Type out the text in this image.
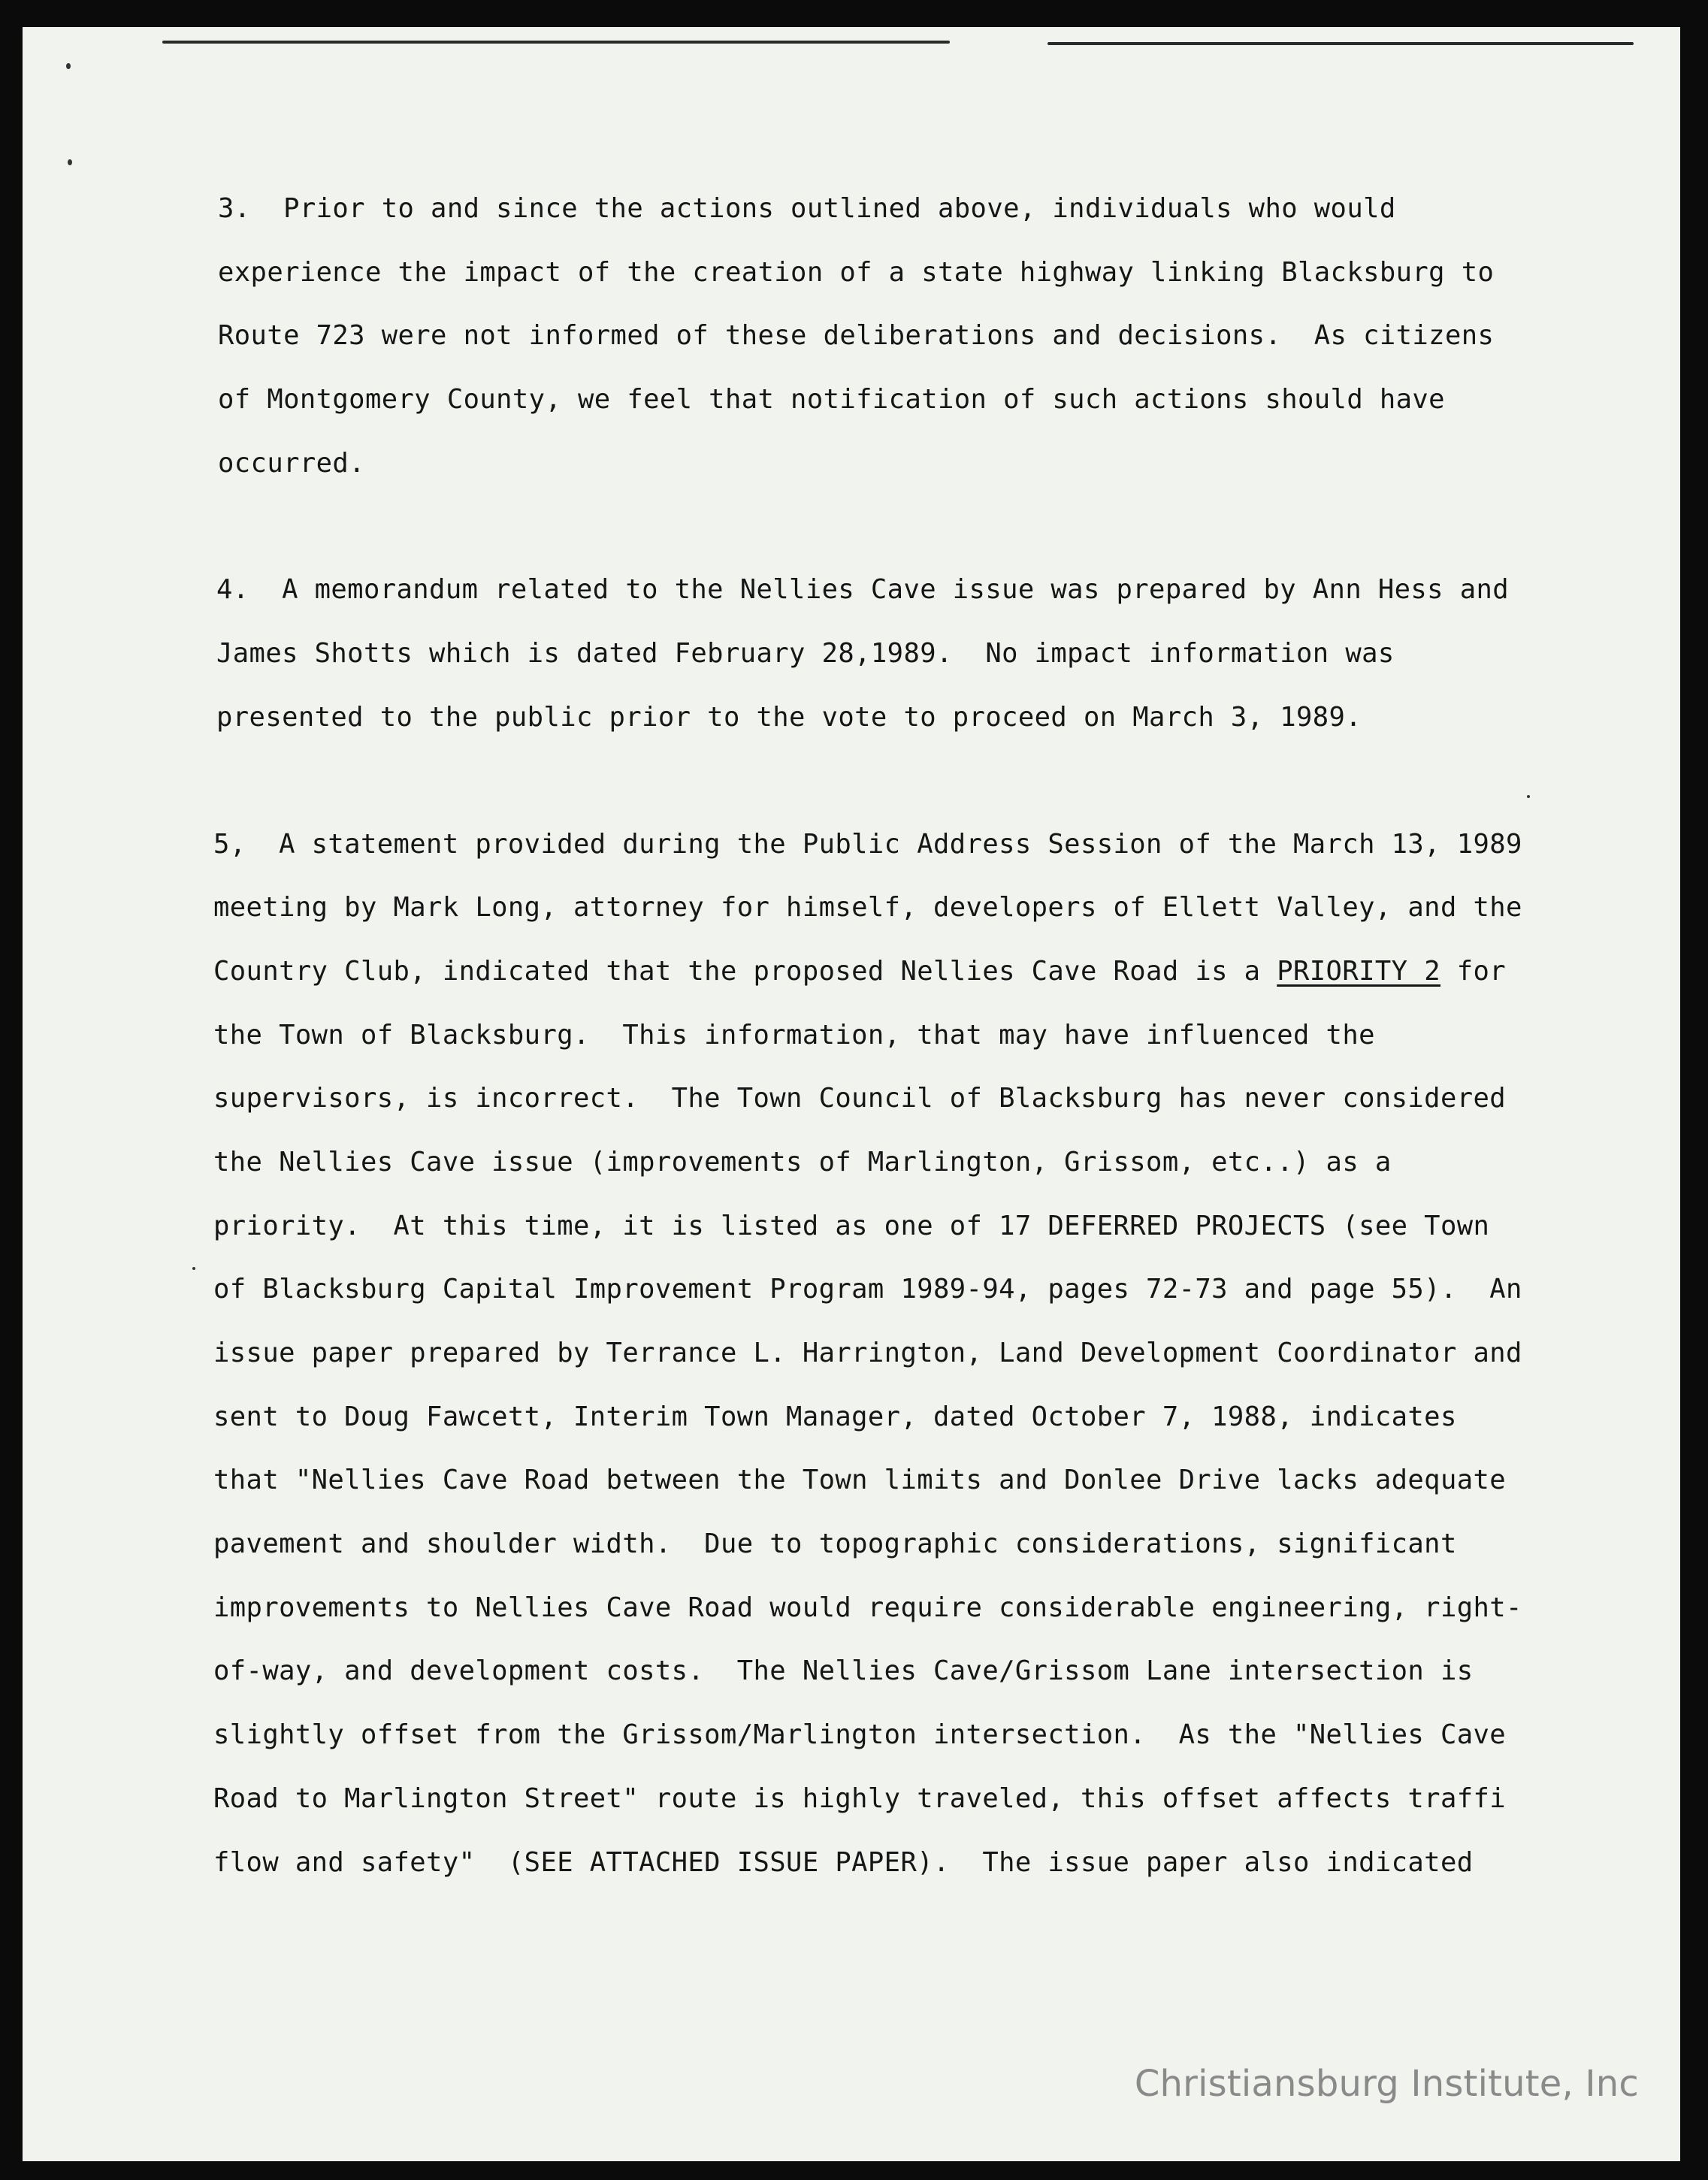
3.  Prior to and since the actions outlined above, individuals who would
experience the impact of the creation of a state highway linking Blacksburg to
Route 723 were not informed of these deliberations and decisions.  As citizens
of Montgomery County, we feel that notification of such actions should have
occurred.
4.  A memorandum related to the Nellies Cave issue was prepared by Ann Hess and
James Shotts which is dated February 28,1989.  No impact information was
presented to the public prior to the vote to proceed on March 3, 1989.
5,  A statement provided during the Public Address Session of the March 13, 1989
meeting by Mark Long, attorney for himself, developers of Ellett Valley, and the
Country Club, indicated that the proposed Nellies Cave Road is a PRIORITY 2 for
the Town of Blacksburg.  This information, that may have influenced the
supervisors, is incorrect.  The Town Council of Blacksburg has never considered
the Nellies Cave issue (improvements of Marlington, Grissom, etc..) as a
priority.  At this time, it is listed as one of 17 DEFERRED PROJECTS (see Town
of Blacksburg Capital Improvement Program 1989-94, pages 72-73 and page 55).  An
issue paper prepared by Terrance L. Harrington, Land Development Coordinator and
sent to Doug Fawcett, Interim Town Manager, dated October 7, 1988, indicates
that "Nellies Cave Road between the Town limits and Donlee Drive lacks adequate
pavement and shoulder width.  Due to topographic considerations, significant
improvements to Nellies Cave Road would require considerable engineering, right-
of-way, and development costs.  The Nellies Cave/Grissom Lane intersection is
slightly offset from the Grissom/Marlington intersection.  As the "Nellies Cave
Road to Marlington Street" route is highly traveled, this offset affects traffi
flow and safety"  (SEE ATTACHED ISSUE PAPER).  The issue paper also indicated
Christiansburg Institute, Inc
